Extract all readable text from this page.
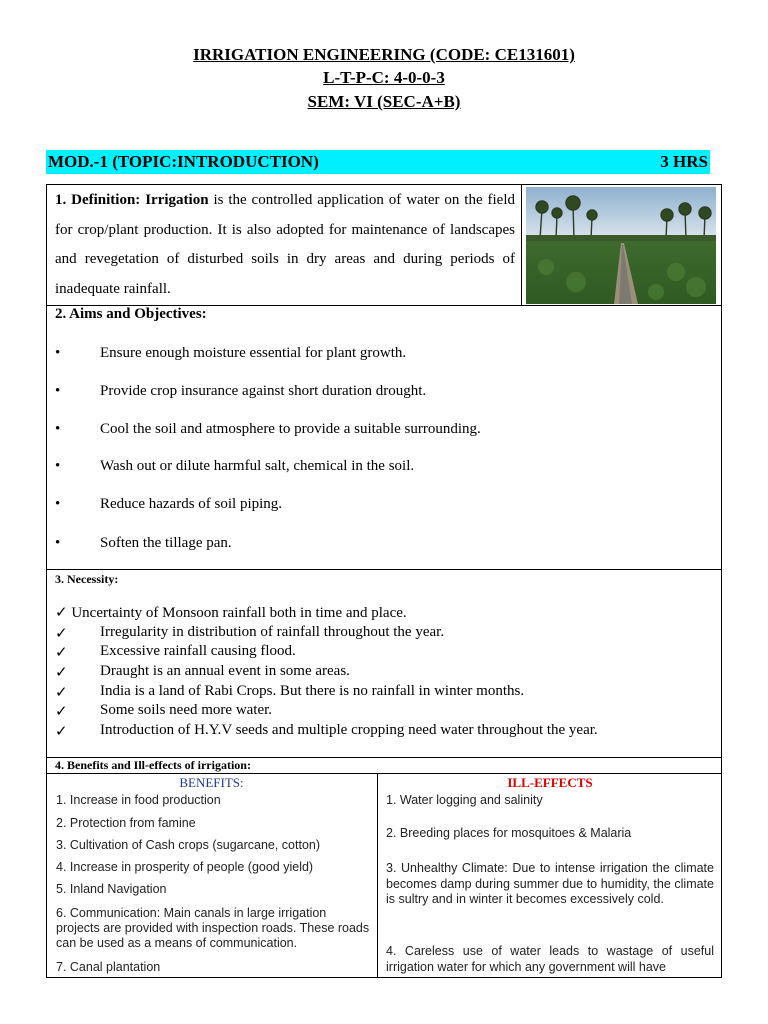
IRRIGATION ENGINEERING (CODE: CE131601)
L-T-P-C: 4-0-0-3
SEM: VI (SEC-A+B)
MOD.-1 (TOPIC:INTRODUCTION)	3 HRS
1. Definition: Irrigation is the controlled application of water on the field for crop/plant production. It is also adopted for maintenance of landscapes and revegetation of disturbed soils in dry areas and during periods of inadequate rainfall.
2. Aims and Objectives:
•	Ensure enough moisture essential for plant growth.
•	Provide crop insurance against short duration drought.
•	Cool the soil and atmosphere to provide a suitable surrounding.
•	Wash out or dilute harmful salt, chemical in the soil.
•	Reduce hazards of soil piping.
•	Soften the tillage pan.
3. Necessity:
✓ Uncertainty of Monsoon rainfall both in time and place.
✓ Irregularity in distribution of rainfall throughout the year.
✓ Excessive rainfall causing flood.
✓ Draught is an annual event in some areas.
✓ India is a land of Rabi Crops. But there is no rainfall in winter months.
✓ Some soils need more water.
✓ Introduction of H.Y.V seeds and multiple cropping need water throughout the year.
4. Benefits and Ill-effects of irrigation:
BENEFITS:	ILL-EFFECTS
1. Increase in food production
2. Protection from famine
3. Cultivation of Cash crops (sugarcane, cotton)
4. Increase in prosperity of people (good yield)
5. Inland Navigation
6. Communication: Main canals in large irrigation projects are provided with inspection roads. These roads can be used as a means of communication.
7. Canal plantation
1. Water logging and salinity
2. Breeding places for mosquitoes & Malaria
3. Unhealthy Climate: Due to intense irrigation the climate becomes damp during summer due to humidity, the climate is sultry and in winter it becomes excessively cold.
4. Careless use of water leads to wastage of useful irrigation water for which any government will have
